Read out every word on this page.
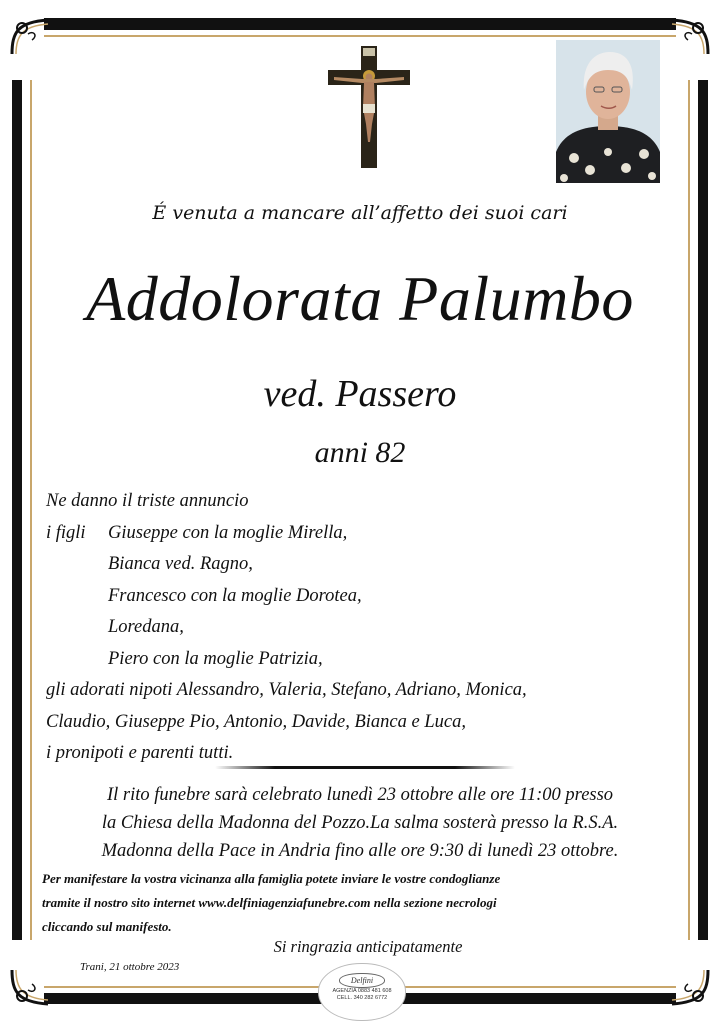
É venuta a mancare all’affetto dei suoi cari
Addolorata Palumbo
ved. Passero
anni 82
Ne danno il triste annuncio
i figli Giuseppe con la moglie Mirella,
Bianca ved. Ragno,
Francesco con la moglie Dorotea,
Loredana,
Piero con la moglie Patrizia,
gli adorati nipoti Alessandro, Valeria, Stefano, Adriano, Monica,
Claudio, Giuseppe Pio, Antonio, Davide, Bianca e Luca,
i pronipoti e parenti tutti.
Il rito funebre sarà celebrato lunedì 23 ottobre alle ore 11:00 presso
la Chiesa della Madonna del Pozzo.La salma sosterà presso la R.S.A.
Madonna della Pace in Andria fino alle ore 9:30 di lunedì 23 ottobre.
Per manifestare la vostra vicinanza alla famiglia potete inviare le vostre condoglianze
tramite il nostro sito internet www.delfiniagenziafunebre.com nella sezione necrologi
cliccando sul manifesto.
Si ringrazia anticipatamente
Trani, 21 ottobre 2023
Delfini
AGENZIA 0883 481 608
CELL. 340 282 6772
